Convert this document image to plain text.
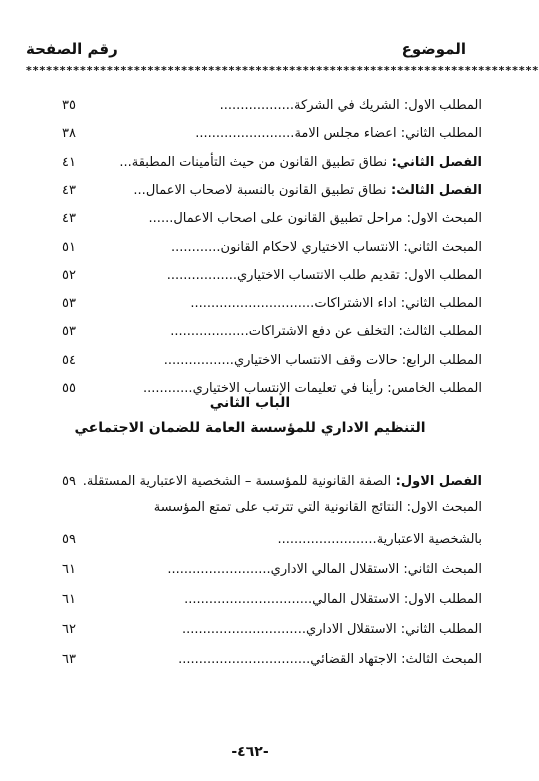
الموضوع
رقم الصفحة
****************************************************************************
المطلب الاول: الشريك في الشركة..................
٣٥
المطلب الثاني: اعضاء مجلس الامة........................
٣٨
الفصل الثاني: نطاق تطبيق القانون من حيث التأمينات المطبقة...
٤١
الفصل الثالث: نطاق تطبيق القانون بالنسبة لاصحاب الاعمال...
٤٣
المبحث الاول: مراحل تطبيق القانون على اصحاب الاعمال......
٤٣
المبحث الثاني: الانتساب الاختياري لاحكام القانون............
٥١
المطلب الاول: تقديم طلب الانتساب الاختياري.................
٥٢
المطلب الثاني: اداء الاشتراكات..............................
٥٣
المطلب الثالث: التخلف عن دفع الاشتراكات...................
٥٣
المطلب الرابع: حالات وقف الانتساب الاختياري.................
٥٤
المطلب الخامس: رأينا في تعليمات الإنتساب الاختياري............
٥٥
الباب الثاني
التنظيم الاداري للمؤسسة العامة للضمان الاجتماعي
الفصل الاول: الصفة القانونية للمؤسسة – الشخصية الاعتبارية المستقلة.
٥٩
المبحث الاول: النتائج القانونية التي تترتب على تمتع المؤسسة
بالشخصية الاعتبارية........................
٥٩
المبحث الثاني: الاستقلال المالي الاداري.........................
٦١
المطلب الاول: الاستقلال المالي...............................
٦١
المطلب الثاني: الاستقلال الاداري..............................
٦٢
المبحث الثالث: الاجتهاد القضائي................................
٦٣
-٤٦٢-
